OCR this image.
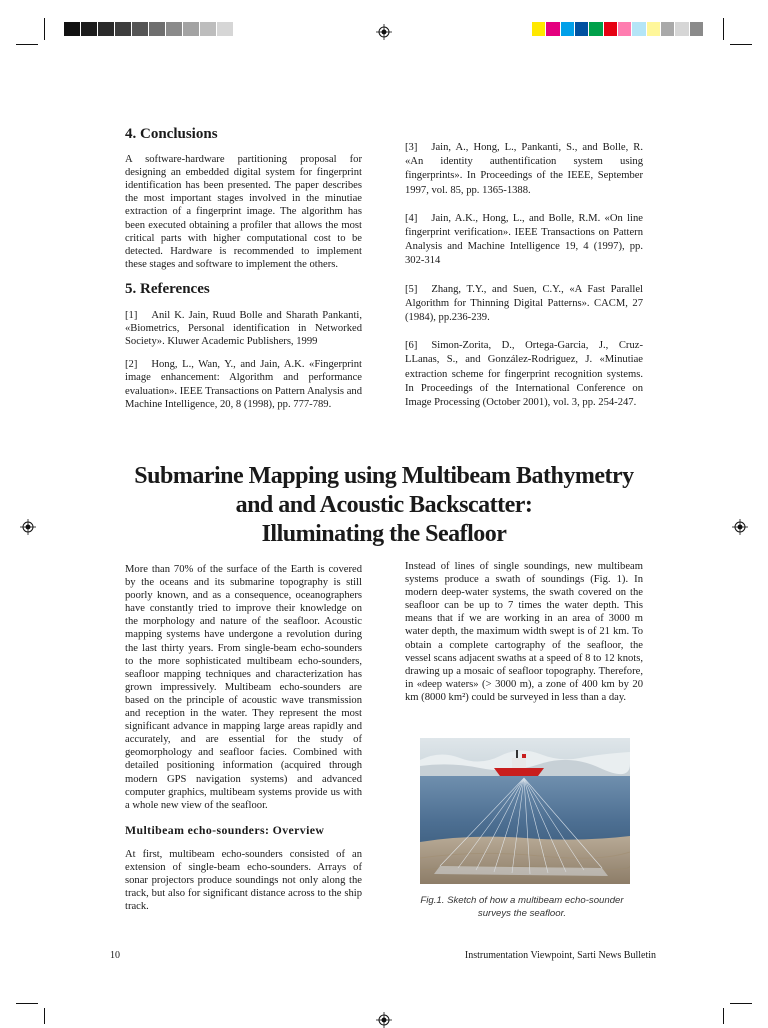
4. Conclusions

A software-hardware partitioning proposal for designing an embedded digital system for fingerprint identification has been presented. The paper describes the most important stages involved in the minutiae extraction of a fingerprint image. The algorithm has been executed obtaining a profiler that allows the most critical parts with higher computational cost to be detected. Hardware is recommended to implement these stages and software to implement the others.

5. References

[1] Anil K. Jain, Ruud Bolle and Sharath Pankanti, «Biometrics, Personal identification in Networked Society». Kluwer Academic Publishers, 1999

[2] Hong, L., Wan, Y., and Jain, A.K. «Fingerprint image enhancement: Algorithm and performance evaluation». IEEE Transactions on Pattern Analysis and Machine Intelligence, 20, 8 (1998), pp. 777-789.

[3] Jain, A., Hong, L., Pankanti, S., and Bolle, R. «An identity authentification system using fingerprints». In Proceedings of the IEEE, September 1997, vol. 85, pp. 1365-1388.

[4] Jain, A.K., Hong, L., and Bolle, R.M. «On line fingerprint verification». IEEE Transactions on Pattern Analysis and Machine Intelligence 19, 4 (1997), pp. 302-314

[5] Zhang, T.Y., and Suen, C.Y., «A Fast Parallel Algorithm for Thinning Digital Patterns». CACM, 27 (1984), pp.236-239.

[6] Simon-Zorita, D., Ortega-Garcia, J., Cruz-LLanas, S., and González-Rodriguez, J. «Minutiae extraction scheme for fingerprint recognition systems. In Proceedings of the International Conference on Image Processing (October 2001), vol. 3, pp. 254-247.

Submarine Mapping using Multibeam Bathymetry
and and Acoustic Backscatter:
Illuminating the Seafloor

More than 70% of the surface of the Earth is covered by the oceans and its submarine topography is still poorly known, and as a consequence, oceanographers have constantly tried to improve their knowledge on the morphology and nature of the seafloor. Acoustic mapping systems have undergone a revolution during the last thirty years. From single-beam echo-sounders to the more sophisticated multibeam echo-sounders, seafloor mapping techniques and characterization has grown impressively. Multibeam echo-sounders are based on the principle of acoustic wave transmission and reception in the water. They represent the most significant advance in mapping large areas rapidly and accurately, and are essential for the study of geomorphology and seafloor facies. Combined with detailed positioning information (acquired through modern GPS navigation systems) and advanced computer graphics, multibeam systems provide us with a whole new view of the seafloor.

Multibeam echo-sounders: Overview

At first, multibeam echo-sounders consisted of an extension of single-beam echo-sounders. Arrays of sonar projectors produce soundings not only along the track, but also for significant distance across to the ship track.

Instead of lines of single soundings, new multibeam systems produce a swath of soundings (Fig. 1). In modern deep-water systems, the swath covered on the seafloor can be up to 7 times the water depth. This means that if we are working in an area of 3000 m water depth, the maximum width swept is of 21 km. To obtain a complete cartography of the seafloor, the vessel scans adjacent swaths at a speed of 8 to 12 knots, drawing up a mosaic of seafloor topography. Therefore, in «deep waters» (> 3000 m), a zone of 400 km by 20 km (8000 km²) could be surveyed in less than a day.

Fig.1. Sketch of how a multibeam echo-sounder surveys the seafloor.
10	Instrumentation Viewpoint, Sarti News Bulletin
